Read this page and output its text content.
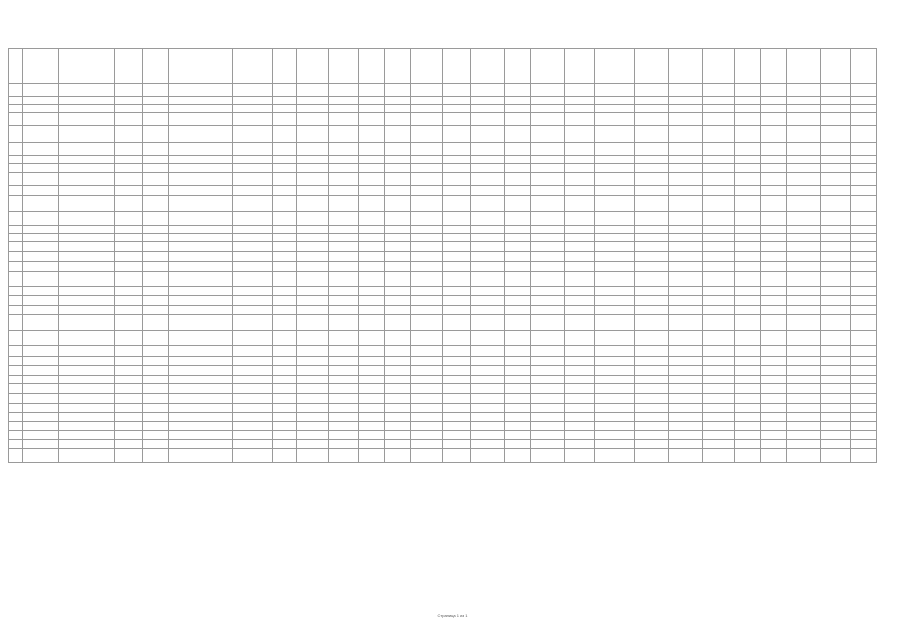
Страница 1 из 1
